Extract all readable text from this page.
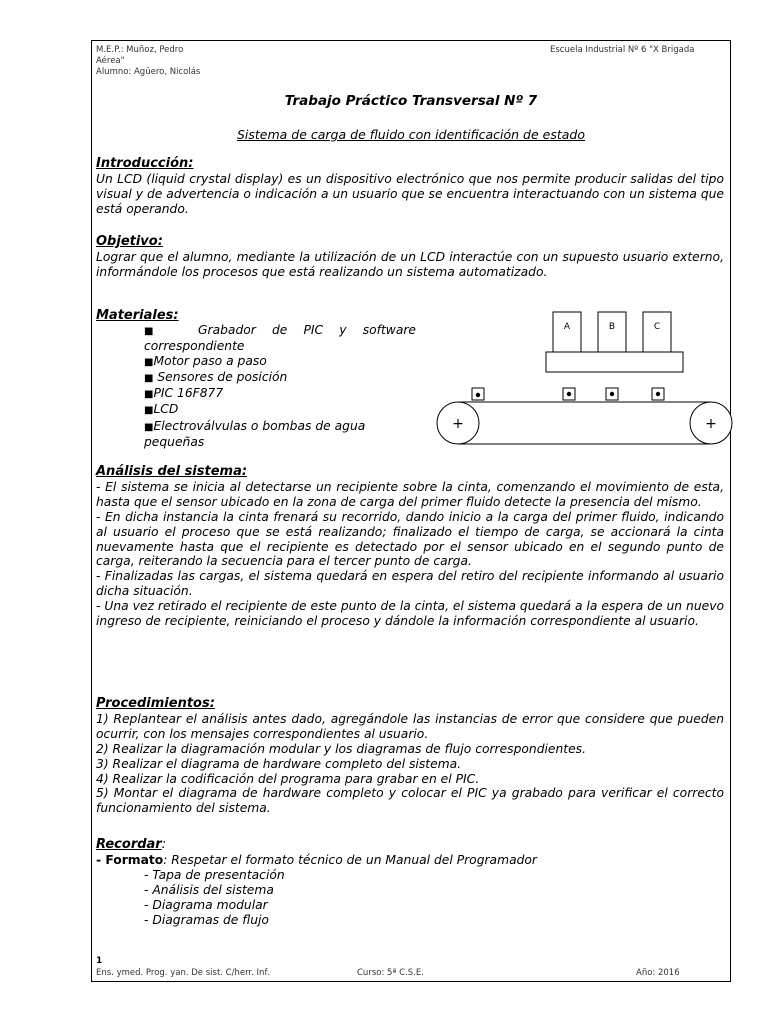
M.E.P.: Muñoz, Pedro
Aérea"
Alumno: Agüero, Nicolás
Escuela Industrial Nº 6 "X Brigada
Trabajo Práctico Transversal Nº 7
Sistema de carga de fluido con identificación de estado
Introducción:

Un LCD (liquid crystal display) es un dispositivo electrónico que nos permite producir salidas del tipo visual y de advertencia o indicación a un usuario que se encuentra interactuando con un sistema que está operando.

Objetivo:

Lograr que el alumno, mediante la utilización de un LCD interactúe con un supuesto usuario externo, informándole los procesos que está realizando un sistema automatizado.

Materiales:
■	Grabador de PIC y software correspondiente
■Motor paso a paso
■ Sensores de posición
■PIC 16F877
■LCD
■Electroválvulas o bombas de agua pequeñas
A	B	C
+	+
Análisis del sistema:

- El sistema se inicia al detectarse un recipiente sobre la cinta, comenzando el movimiento de esta, hasta que el sensor ubicado en la zona de carga del primer fluido detecte la presencia del mismo.

- En dicha instancia la cinta frenará su recorrido, dando inicio a la carga del primer fluido, indicando al usuario el proceso que se está realizando; finalizado el tiempo de carga, se accionará la cinta nuevamente hasta que el recipiente es detectado por el sensor ubicado en el segundo punto de carga, reiterando la secuencia para el tercer punto de carga.

- Finalizadas las cargas, el sistema quedará en espera del retiro del recipiente informando al usuario dicha situación.

- Una vez retirado el recipiente de este punto de la cinta, el sistema quedará a la espera de un nuevo ingreso de recipiente, reiniciando el proceso y dándole la información correspondiente al usuario.

Procedimientos:

1) Replantear el análisis antes dado, agregándole las instancias de error que considere que pueden ocurrir, con los mensajes correspondientes al usuario.

2) Realizar la diagramación modular y los diagramas de flujo correspondientes.

3) Realizar el diagrama de hardware completo del sistema.

4) Realizar la codificación del programa para grabar en el PIC.

5) Montar el diagrama de hardware completo y colocar el PIC ya grabado para verificar el correcto funcionamiento del sistema.

Recordar:
- Formato: Respetar el formato técnico de un Manual del Programador
- Tapa de presentación
- Análisis del sistema
- Diagrama modular
- Diagramas de flujo
1
Ens. ymed. Prog. yan. De sist. C/herr. Inf.	Curso: 5ª C.S.E.	Año: 2016
